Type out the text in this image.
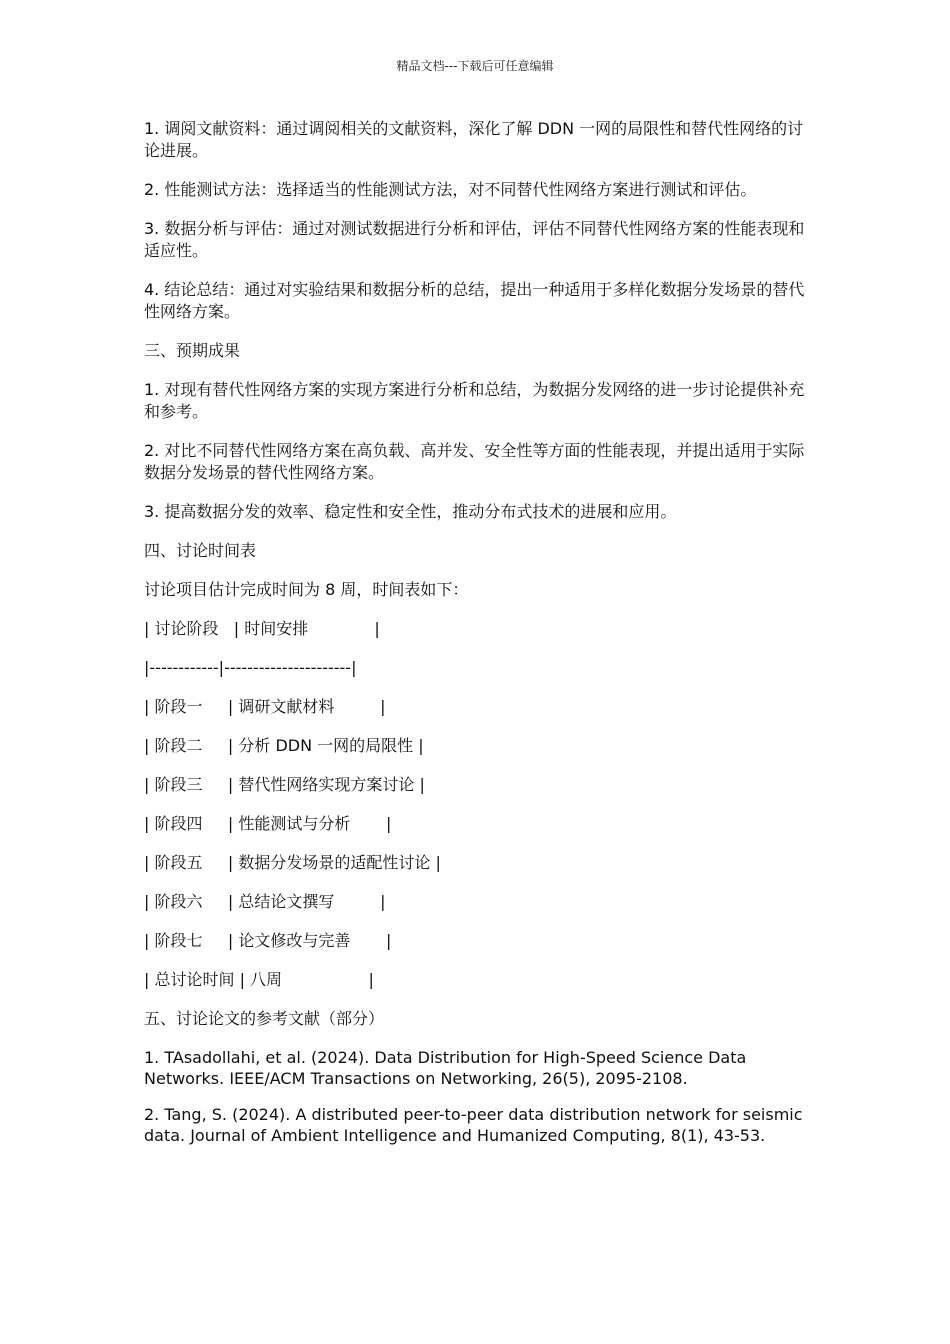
精品文档---下载后可任意编辑

1. 调阅文献资料：通过调阅相关的文献资料，深化了解 DDN 一网的局限性和替代性网络的讨论进展。

2. 性能测试方法：选择适当的性能测试方法，对不同替代性网络方案进行测试和评估。

3. 数据分析与评估：通过对测试数据进行分析和评估，评估不同替代性网络方案的性能表现和适应性。

4. 结论总结：通过对实验结果和数据分析的总结，提出一种适用于多样化数据分发场景的替代性网络方案。

三、预期成果

1. 对现有替代性网络方案的实现方案进行分析和总结，为数据分发网络的进一步讨论提供补充和参考。

2. 对比不同替代性网络方案在高负载、高并发、安全性等方面的性能表现，并提出适用于实际数据分发场景的替代性网络方案。

3. 提高数据分发的效率、稳定性和安全性，推动分布式技术的进展和应用。

四、讨论时间表

讨论项目估计完成时间为 8 周，时间表如下：

| 讨论阶段   | 时间安排             |

|------------|----------------------|

| 阶段一     | 调研文献材料         |

| 阶段二     | 分析 DDN 一网的局限性 |

| 阶段三     | 替代性网络实现方案讨论 |

| 阶段四     | 性能测试与分析       |

| 阶段五     | 数据分发场景的适配性讨论 |

| 阶段六     | 总结论文撰写         |

| 阶段七     | 论文修改与完善       |

| 总讨论时间 | 八周                 |

五、讨论论文的参考文献（部分）

1. TAsadollahi, et al. (2024). Data Distribution for High-Speed Science Data Networks. IEEE/ACM Transactions on Networking, 26(5), 2095-2108.

2. Tang, S. (2024). A distributed peer-to-peer data distribution network for seismic data. Journal of Ambient Intelligence and Humanized Computing, 8(1), 43-53.
